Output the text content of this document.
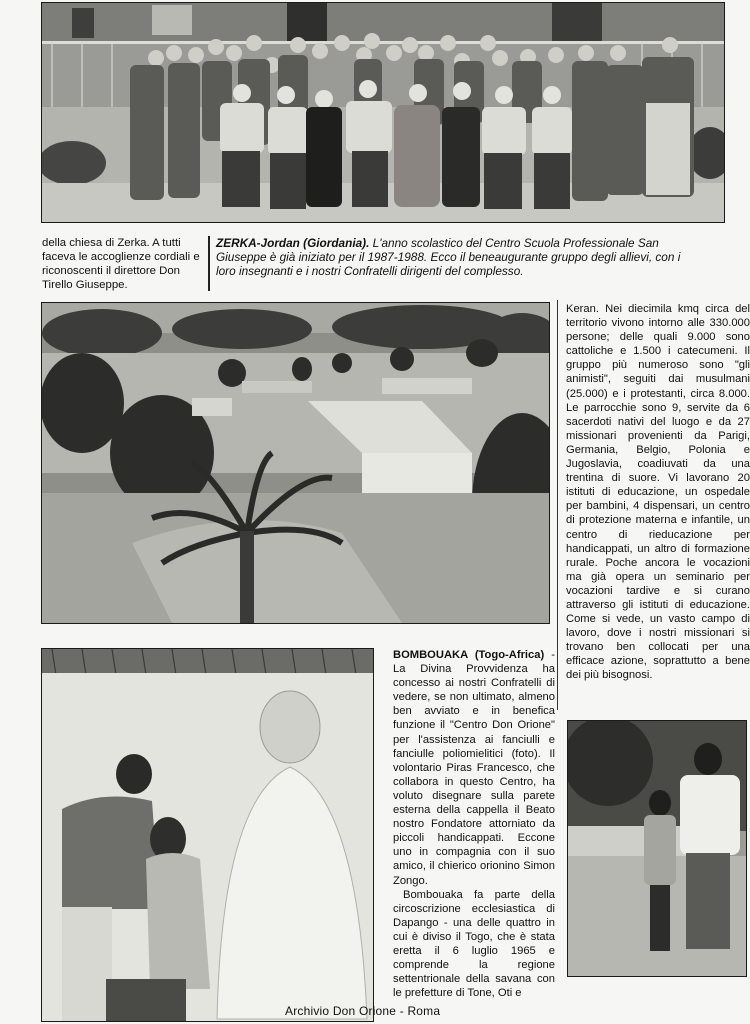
della chiesa di Zerka. A tutti faceva le accoglienze cordiali e riconoscenti il direttore Don Tirello Giuseppe.

ZERKA-Jordan (Giordania). L'anno scolastico del Centro Scuola Professionale San Giuseppe è già iniziato per il 1987-1988. Ecco il beneaugurante gruppo degli allievi, con i loro insegnanti e i nostri Confratelli dirigenti del complesso.

Keran. Nei diecimila kmq circa del territorio vivono intorno alle 330.000 persone; delle quali 9.000 sono cattoliche e 1.500 i catecumeni. Il gruppo più numeroso sono "gli animisti", seguiti dai musulmani (25.000) e i protestanti, circa 8.000. Le parrocchie sono 9, servite da 6 sacerdoti nativi del luogo e da 27 missionari provenienti da Parigi, Germania, Belgio, Polonia e Jugoslavia, coadiuvati da una trentina di suore. Vi lavorano 20 istituti di educazione, un ospedale per bambini, 4 dispensari, un centro di protezione materna e infantile, un centro di rieducazione per handicappati, un altro di formazione rurale. Poche ancora le vocazioni ma già opera un seminario per vocazioni tardive e si curano attraverso gli istituti di educazione. Come si vede, un vasto campo di lavoro, dove i nostri missionari si trovano ben collocati per una efficace azione, soprattutto a bene dei più bisognosi.

BOMBOUAKA (Togo-Africa) - La Divina Provvidenza ha concesso ai nostri Confratelli di vedere, se non ultimato, almeno ben avviato e in benefica funzione il "Centro Don Orione" per l'assistenza ai fanciulli e fanciulle poliomielitici (foto). Il volontario Piras Francesco, che collabora in questo Centro, ha voluto disegnare sulla parete esterna della cappella il Beato nostro Fondatore attorniato da piccoli handicappati. Eccone uno in compagnia con il suo amico, il chierico orionino Simon Zongo.

Bombouaka fa parte della circoscrizione ecclesiastica di Dapango - una delle quattro in cui è diviso il Togo, che è stata eretta il 6 luglio 1965 e comprende la regione settentrionale della savana con le prefetture di Tone, Oti e

Archivio Don Orione - Roma
